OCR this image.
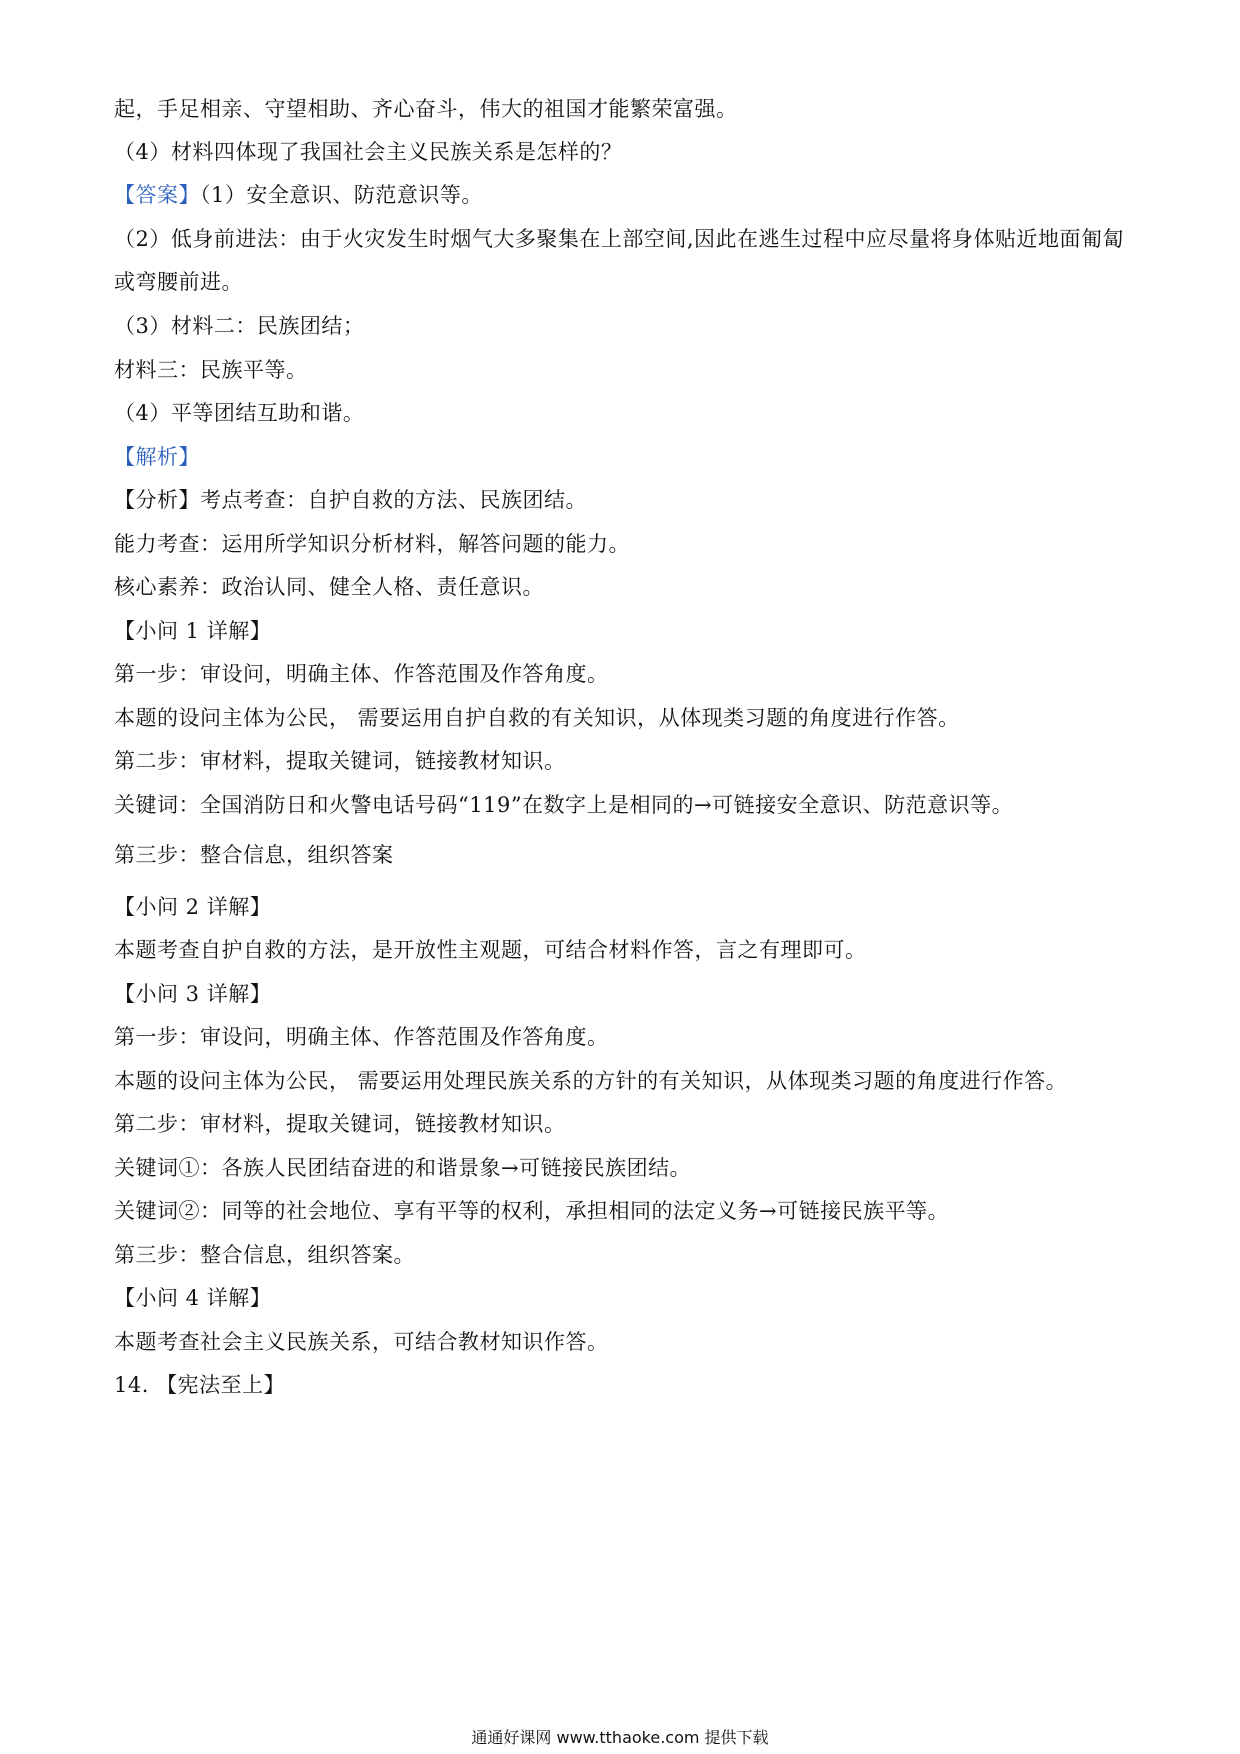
起，手足相亲、守望相助、齐心奋斗，伟大的祖国才能繁荣富强。
（4）材料四体现了我国社会主义民族关系是怎样的？
【答案】（1）安全意识、防范意识等。
（2）低身前进法：由于火灾发生时烟气大多聚集在上部空间,因此在逃生过程中应尽量将身体贴近地面匍匐
或弯腰前进。
（3）材料二：民族团结；
材料三：民族平等。
（4）平等团结互助和谐。
【解析】
【分析】考点考查：自护自救的方法、民族团结。
能力考查：运用所学知识分析材料，解答问题的能力。
核心素养：政治认同、健全人格、责任意识。
【小问 1 详解】
第一步：审设问，明确主体、作答范围及作答角度。
本题的设问主体为公民， 需要运用自护自救的有关知识，从体现类习题的角度进行作答。
第二步：审材料，提取关键词，链接教材知识。
关键词：全国消防日和火警电话号码“119”在数字上是相同的→可链接安全意识、防范意识等。
第三步：整合信息，组织答案
【小问 2 详解】
本题考查自护自救的方法，是开放性主观题，可结合材料作答，言之有理即可。
【小问 3 详解】
第一步：审设问，明确主体、作答范围及作答角度。
本题的设问主体为公民， 需要运用处理民族关系的方针的有关知识，从体现类习题的角度进行作答。
第二步：审材料，提取关键词，链接教材知识。
关键词①：各族人民团结奋进的和谐景象→可链接民族团结。
关键词②：同等的社会地位、享有平等的权利，承担相同的法定义务→可链接民族平等。
第三步：整合信息，组织答案。
【小问 4 详解】
本题考查社会主义民族关系，可结合教材知识作答。
14. 【宪法至上】
通通好课网 www.tthaoke.com 提供下载
